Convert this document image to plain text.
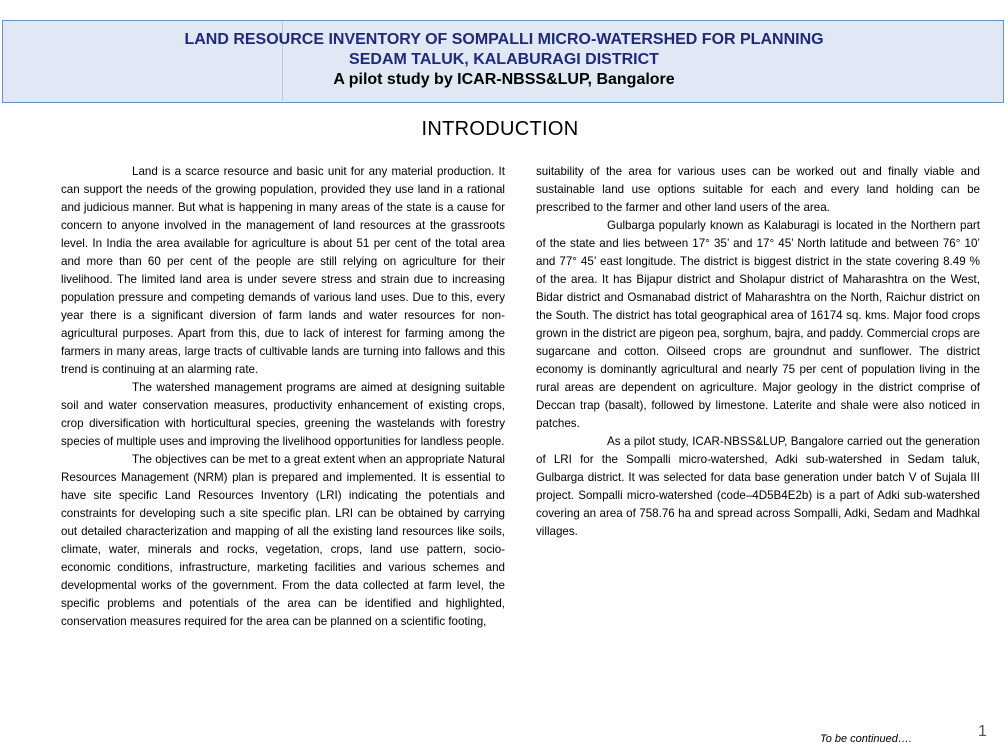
LAND RESOURCE INVENTORY OF SOMPALLI MICRO-WATERSHED FOR PLANNING
SEDAM TALUK, KALABURAGI DISTRICT
A pilot study by ICAR-NBSS&LUP, Bangalore
INTRODUCTION

Land is a scarce resource and basic unit for any material production. It can support the needs of the growing population, provided they use land in a rational and judicious manner. But what is happening in many areas of the state is a cause for concern to anyone involved in the management of land resources at the grassroots level. In India the area available for agriculture is about 51 per cent of the total area and more than 60 per cent of the people are still relying on agriculture for their livelihood. The limited land area is under severe stress and strain due to increasing population pressure and competing demands of various land uses. Due to this, every year there is a significant diversion of farm lands and water resources for non-agricultural purposes. Apart from this, due to lack of interest for farming among the farmers in many areas, large tracts of cultivable lands are turning into fallows and this trend is continuing at an alarming rate.

The watershed management programs are aimed at designing suitable soil and water conservation measures, productivity enhancement of existing crops, crop diversification with horticultural species, greening the wastelands with forestry species of multiple uses and improving the livelihood opportunities for landless people.

The objectives can be met to a great extent when an appropriate Natural Resources Management (NRM) plan is prepared and implemented. It is essential to have site specific Land Resources Inventory (LRI) indicating the potentials and constraints for developing such a site specific plan. LRI can be obtained by carrying out detailed characterization and mapping of all the existing land resources like soils, climate, water, minerals and rocks, vegetation, crops, land use pattern, socio-economic conditions, infrastructure, marketing facilities and various schemes and developmental works of the government. From the data collected at farm level, the specific problems and potentials of the area can be identified and highlighted, conservation measures required for the area can be planned on a scientific footing,

suitability of the area for various uses can be worked out and finally viable and sustainable land use options suitable for each and every land holding can be prescribed to the farmer and other land users of the area.

Gulbarga popularly known as Kalaburagi is located in the Northern part of the state and lies between 17° 35’ and 17° 45’ North latitude and between 76° 10’ and 77° 45’ east longitude. The district is biggest district in the state covering 8.49 % of the area. It has Bijapur district and Sholapur district of Maharashtra on the West, Bidar district and Osmanabad district of Maharashtra on the North, Raichur district on the South. The district has total geographical area of 16174 sq. kms. Major food crops grown in the district are pigeon pea, sorghum, bajra, and paddy. Commercial crops are sugarcane and cotton. Oilseed crops are groundnut and sunflower. The district economy is dominantly agricultural and nearly 75 per cent of population living in the rural areas are dependent on agriculture. Major geology in the district comprise of Deccan trap (basalt), followed by limestone. Laterite and shale were also noticed in patches.

As a pilot study, ICAR-NBSS&LUP, Bangalore carried out the generation of LRI for the Sompalli micro-watershed, Adki sub-watershed in Sedam taluk, Gulbarga district. It was selected for data base generation under batch V of Sujala III project. Sompalli micro-watershed (code–4D5B4E2b) is a part of Adki sub-watershed covering an area of 758.76 ha and spread across Sompalli, Adki, Sedam and Madhkal villages.

To be continued….	1
